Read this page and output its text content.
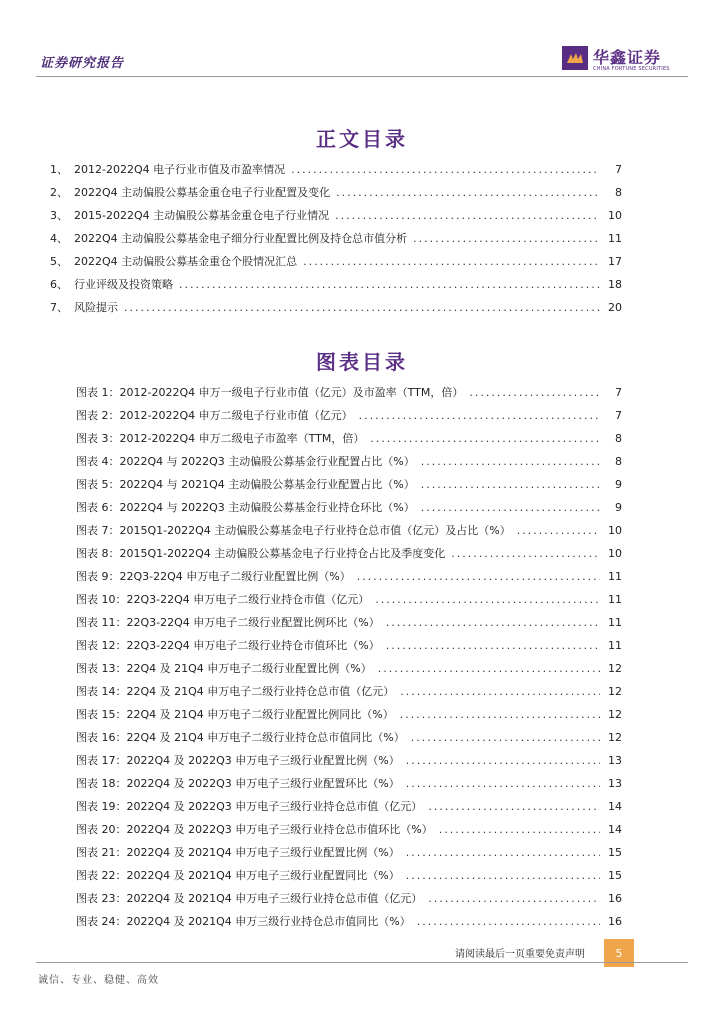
证券研究报告	华鑫证券
CHINA FORTUNE SECURITIES
正文目录
1、 2012-2022Q4 电子行业市值及市盈率情况 .....	7
2、 2022Q4 主动偏股公募基金重仓电子行业配置及变化 .....	8
3、 2015-2022Q4 主动偏股公募基金重仓电子行业情况 .....	10
4、 2022Q4 主动偏股公募基金电子细分行业配置比例及持仓总市值分析 .....	11
5、 2022Q4 主动偏股公募基金重仓个股情况汇总 .....	17
6、 行业评级及投资策略 .....	18
7、 风险提示 .....	20
图表目录
图表 1：2012-2022Q4 申万一级电子行业市值（亿元）及市盈率（TTM，倍） .....	7
图表 2：2012-2022Q4 申万二级电子行业市值（亿元） .....	7
图表 3：2012-2022Q4 申万二级电子市盈率（TTM，倍） .....	8
图表 4：2022Q4 与 2022Q3 主动偏股公募基金行业配置占比（%） .....	8
图表 5：2022Q4 与 2021Q4 主动偏股公募基金行业配置占比（%） .....	9
图表 6：2022Q4 与 2022Q3 主动偏股公募基金行业持仓环比（%） .....	9
图表 7：2015Q1-2022Q4 主动偏股公募基金电子行业持仓总市值（亿元）及占比（%） .....	10
图表 8：2015Q1-2022Q4 主动偏股公募基金电子行业持仓占比及季度变化 .....	10
图表 9：22Q3-22Q4 申万电子二级行业配置比例（%） .....	11
图表 10：22Q3-22Q4 申万电子二级行业持仓市值（亿元） .....	11
图表 11：22Q3-22Q4 申万电子二级行业配置比例环比（%） .....	11
图表 12：22Q3-22Q4 申万电子二级行业持仓市值环比（%） .....	11
图表 13：22Q4 及 21Q4 申万电子二级行业配置比例（%） .....	12
图表 14：22Q4 及 21Q4 申万电子二级行业持仓总市值（亿元） .....	12
图表 15：22Q4 及 21Q4 申万电子二级行业配置比例同比（%） .....	12
图表 16：22Q4 及 21Q4 申万电子二级行业持仓总市值同比（%） .....	12
图表 17：2022Q4 及 2022Q3 申万电子三级行业配置比例（%） .....	13
图表 18：2022Q4 及 2022Q3 申万电子三级行业配置环比（%） .....	13
图表 19：2022Q4 及 2022Q3 申万电子三级行业持仓总市值（亿元） .....	14
图表 20：2022Q4 及 2022Q3 申万电子三级行业持仓总市值环比（%） .....	14
图表 21：2022Q4 及 2021Q4 申万电子三级行业配置比例（%） .....	15
图表 22：2022Q4 及 2021Q4 申万电子三级行业配置同比（%） .....	15
图表 23：2022Q4 及 2021Q4 申万电子三级行业持仓总市值（亿元） .....	16
图表 24：2022Q4 及 2021Q4 申万三级行业持仓总市值同比（%） .....	16
请阅读最后一页重要免责声明	5
诚信、专业、稳健、高效
